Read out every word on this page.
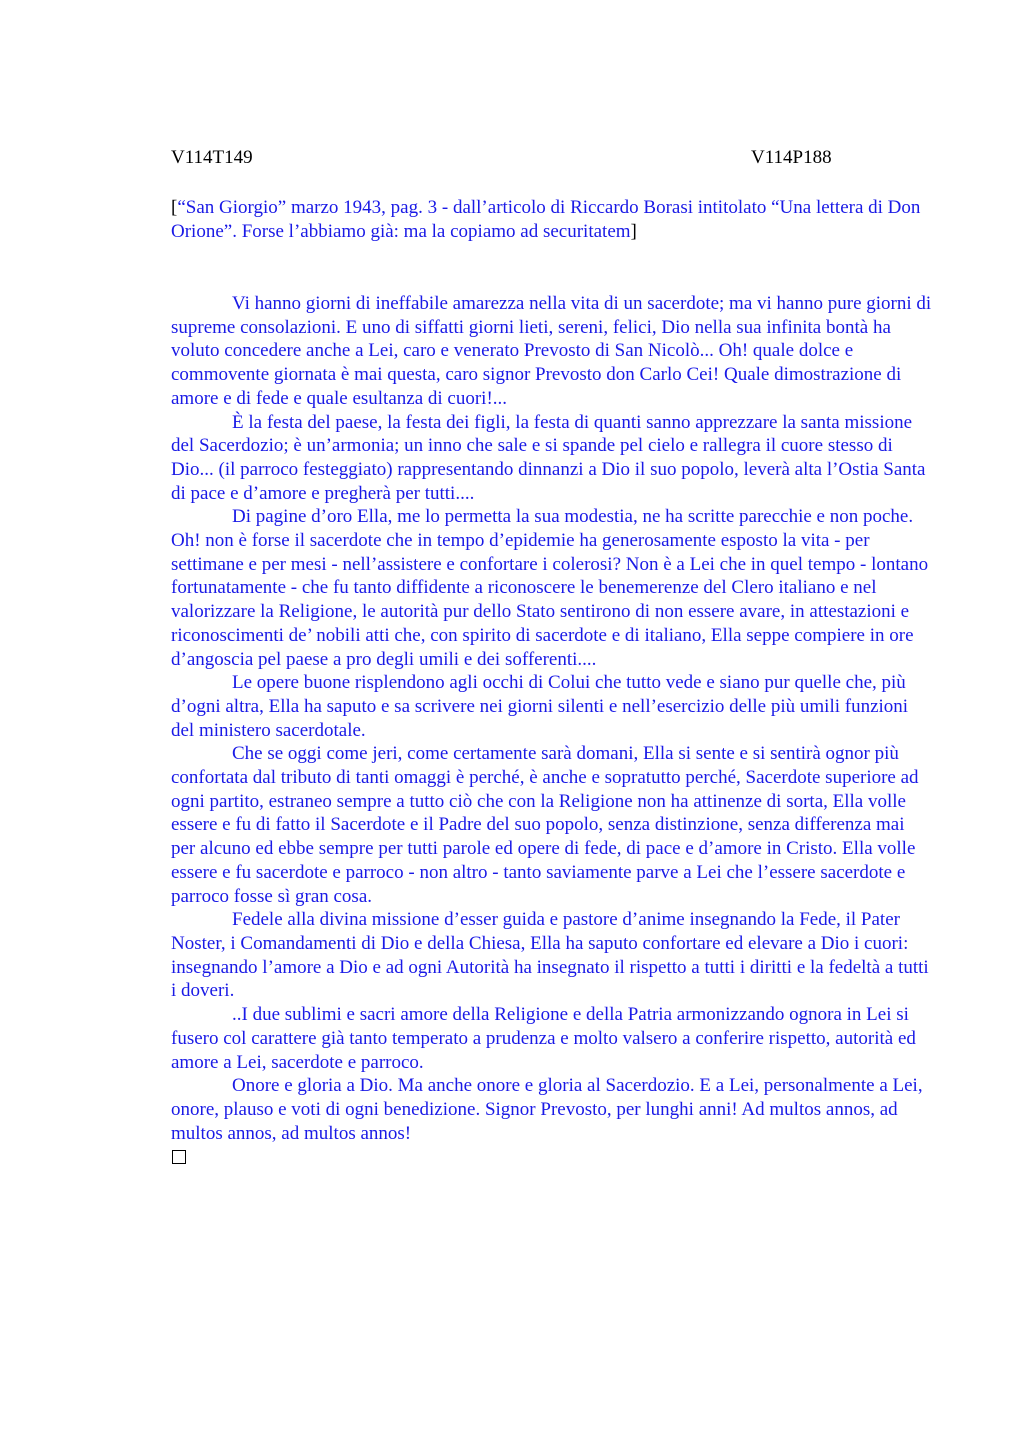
V114T149	V114P188
[“San Giorgio” marzo 1943, pag. 3 - dall’articolo di Riccardo Borasi intitolato “Una lettera di Don Orione”. Forse l’abbiamo già: ma la copiamo ad securitatem]

Vi hanno giorni di ineffabile amarezza nella vita di un sacerdote; ma vi hanno pure giorni di supreme consolazioni. E uno di siffatti giorni lieti, sereni, felici, Dio nella sua infinita bontà ha voluto concedere anche a Lei, caro e venerato Prevosto di San Nicolò... Oh! quale dolce e commovente giornata è mai questa, caro signor Prevosto don Carlo Cei! Quale dimostrazione di amore e di fede e quale esultanza di cuori!...

È la festa del paese, la festa dei figli, la festa di quanti sanno apprezzare la santa missione del Sacerdozio; è un’armonia; un inno che sale e si spande pel cielo e rallegra il cuore stesso di Dio... (il parroco festeggiato) rappresentando dinnanzi a Dio il suo popolo, leverà alta l’Ostia Santa di pace e d’amore e pregherà per tutti....

Di pagine d’oro Ella, me lo permetta la sua modestia, ne ha scritte parecchie e non poche. Oh! non è forse il sacerdote che in tempo d’epidemie ha generosamente esposto la vita - per settimane e per mesi - nell’assistere e confortare i colerosi? Non è a Lei che in quel tempo - lontano fortunatamente - che fu tanto diffidente a riconoscere le benemerenze del Clero italiano e nel valorizzare la Religione, le autorità pur dello Stato sentirono di non essere avare, in attestazioni e riconoscimenti de’ nobili atti che, con spirito di sacerdote e di italiano, Ella seppe compiere in ore d’angoscia pel paese a pro degli umili e dei sofferenti....

Le opere buone risplendono agli occhi di Colui che tutto vede e siano pur quelle che, più d’ogni altra, Ella ha saputo e sa scrivere nei giorni silenti e nell’esercizio delle più umili funzioni del ministero sacerdotale.

Che se oggi come jeri, come certamente sarà domani, Ella si sente e si sentirà ognor più confortata dal tributo di tanti omaggi è perché, è anche e sopratutto perché, Sacerdote superiore ad ogni partito, estraneo sempre a tutto ciò che con la Religione non ha attinenze di sorta, Ella volle essere e fu di fatto il Sacerdote e il Padre del suo popolo, senza distinzione, senza differenza mai per alcuno ed ebbe sempre per tutti parole ed opere di fede, di pace e d’amore in Cristo. Ella volle essere e fu sacerdote e parroco - non altro - tanto saviamente parve a Lei che l’essere sacerdote e parroco fosse sì gran cosa.

Fedele alla divina missione d’esser guida e pastore d’anime insegnando la Fede, il Pater Noster, i Comandamenti di Dio e della Chiesa, Ella ha saputo confortare ed elevare a Dio i cuori: insegnando l’amore a Dio e ad ogni Autorità ha insegnato il rispetto a tutti i diritti e la fedeltà a tutti i doveri.

..I due sublimi e sacri amore della Religione e della Patria armonizzando ognora in Lei si fusero col carattere già tanto temperato a prudenza e molto valsero a conferire rispetto, autorità ed amore a Lei, sacerdote e parroco.

Onore e gloria a Dio. Ma anche onore e gloria al Sacerdozio. E a Lei, personalmente a Lei, onore, plauso e voti di ogni benedizione. Signor Prevosto, per lunghi anni! Ad multos annos, ad multos annos, ad multos annos!
